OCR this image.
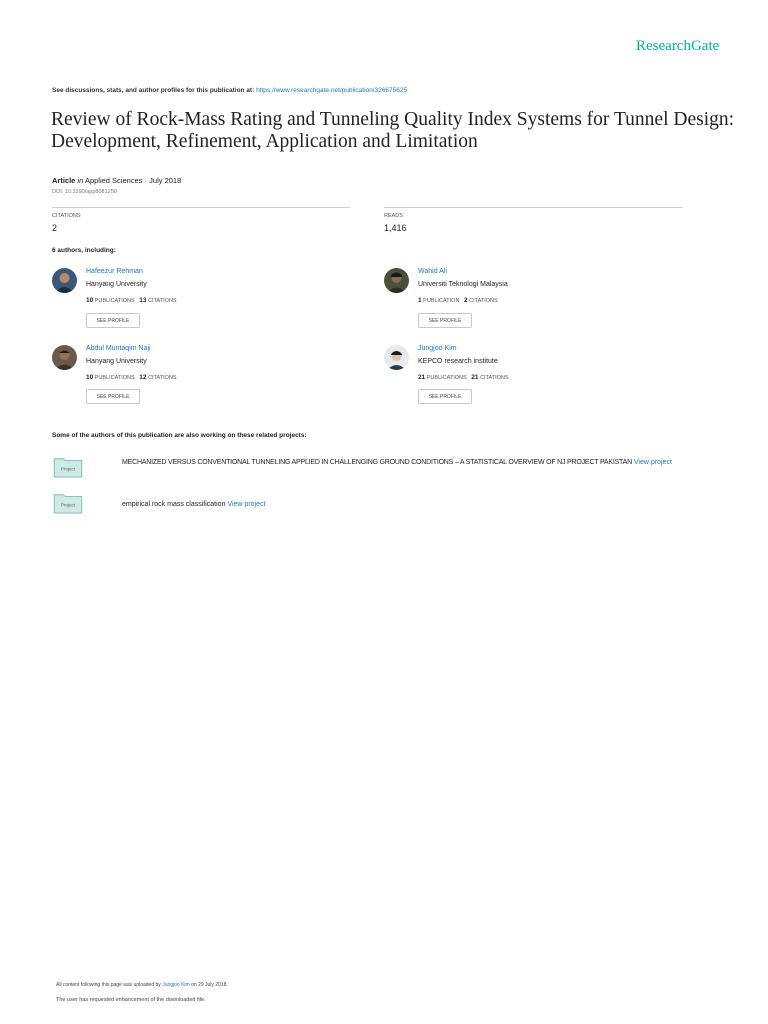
ResearchGate
See discussions, stats, and author profiles for this publication at: https://www.researchgate.net/publication/326675625
Review of Rock-Mass Rating and Tunneling Quality Index Systems for Tunnel Design: Development, Refinement, Application and Limitation
Article in Applied Sciences · July 2018
DOI: 10.3390/app8081250
CITATIONS
2
READS
1,416
6 authors, including:
Hafeezur Rehman
Hanyang University
10 PUBLICATIONS 13 CITATIONS
SEE PROFILE
Wahid Ali
Universiti Teknologi Malaysia
1 PUBLICATION 2 CITATIONS
SEE PROFILE
Abdul Muntaqim Naji
Hanyang University
10 PUBLICATIONS 12 CITATIONS
SEE PROFILE
Jungjoo Kim
KEPCO research institute
21 PUBLICATIONS 21 CITATIONS
SEE PROFILE
Some of the authors of this publication are also working on these related projects:
Project
MECHANIZED VERSUS CONVENTIONAL TUNNELING APPLIED IN CHALLENGING GROUND CONDITIONS – A STATISTICAL OVERVIEW OF NJ PROJECT PAKISTAN View project
Project	empirical rock mass classification View project
All content following this page was uploaded by Jungjoo Kim on 29 July 2018.
The user has requested enhancement of the downloaded file.
